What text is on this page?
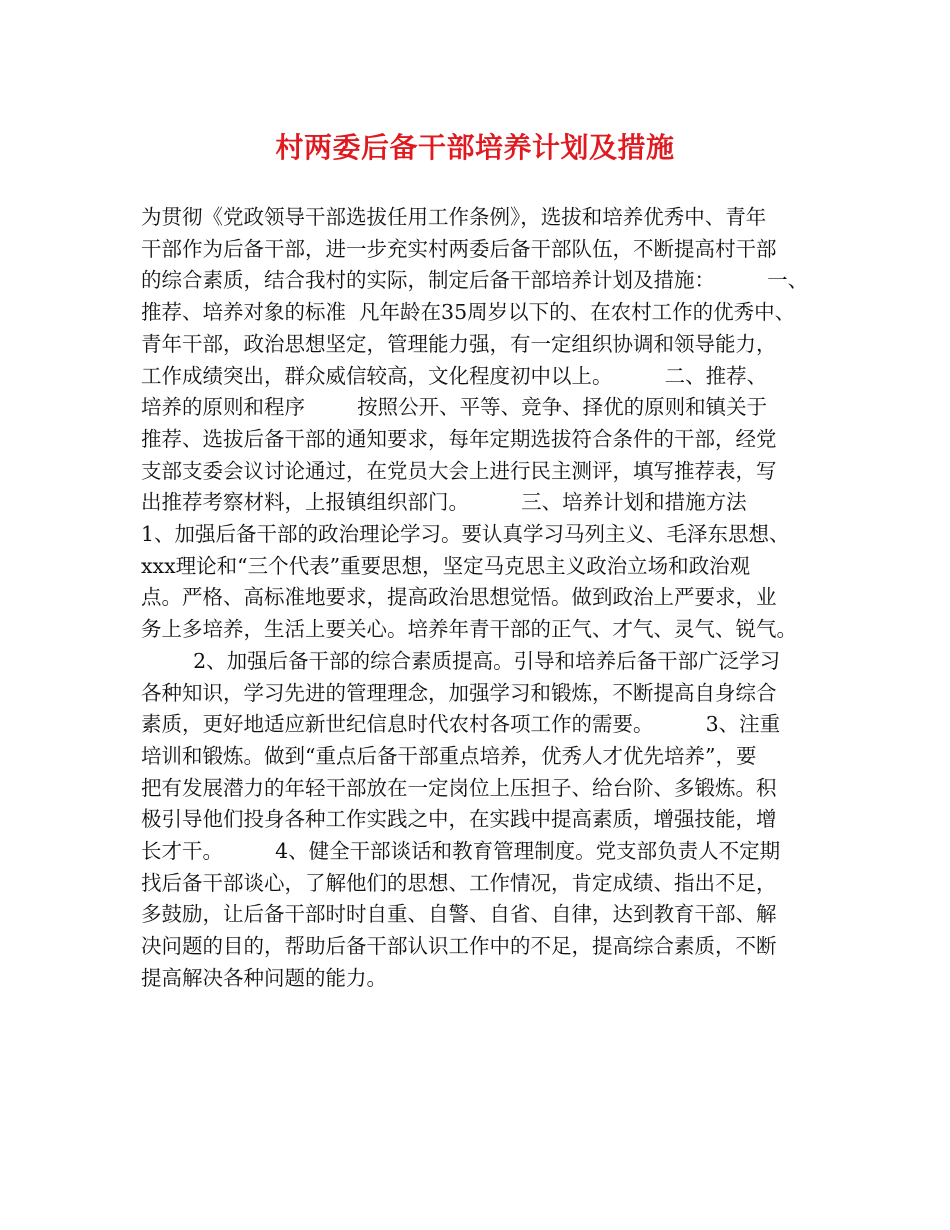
村两委后备干部培养计划及措施

为贯彻《党政领导干部选拔任用工作条例》，选拔和培养优秀中、青年

干部作为后备干部，进一步充实村两委后备干部队伍，不断提高村干部

的综合素质，结合我村的实际，制定后备干部培养计划及措施：        一、

推荐、培养对象的标准  凡年龄在35周岁以下的、在农村工作的优秀中、

青年干部，政治思想坚定，管理能力强，有一定组织协调和领导能力，

工作成绩突出，群众威信较高，文化程度初中以上。        二、推荐、

培养的原则和程序        按照公开、平等、竞争、择优的原则和镇关于

推荐、选拔后备干部的通知要求，每年定期选拔符合条件的干部，经党

支部支委会议讨论通过，在党员大会上进行民主测评，填写推荐表，写

出推荐考察材料，上报镇组织部门。        三、培养计划和措施方法

1、加强后备干部的政治理论学习。要认真学习马列主义、毛泽东思想、

xxx理论和“三个代表”重要思想，坚定马克思主义政治立场和政治观

点。严格、高标准地要求，提高政治思想觉悟。做到政治上严要求，业

务上多培养，生活上要关心。培养年青干部的正气、才气、灵气、锐气。

2、加强后备干部的综合素质提高。引导和培养后备干部广泛学习

各种知识，学习先进的管理理念，加强学习和锻炼，不断提高自身综合

素质，更好地适应新世纪信息时代农村各项工作的需要。        3、注重

培训和锻炼。做到“重点后备干部重点培养，优秀人才优先培养”，要

把有发展潜力的年轻干部放在一定岗位上压担子、给台阶、多锻炼。积

极引导他们投身各种工作实践之中，在实践中提高素质，增强技能，增

长才干。        4、健全干部谈话和教育管理制度。党支部负责人不定期

找后备干部谈心，了解他们的思想、工作情况，肯定成绩、指出不足，

多鼓励，让后备干部时时自重、自警、自省、自律，达到教育干部、解

决问题的目的，帮助后备干部认识工作中的不足，提高综合素质，不断

提高解决各种问题的能力。
